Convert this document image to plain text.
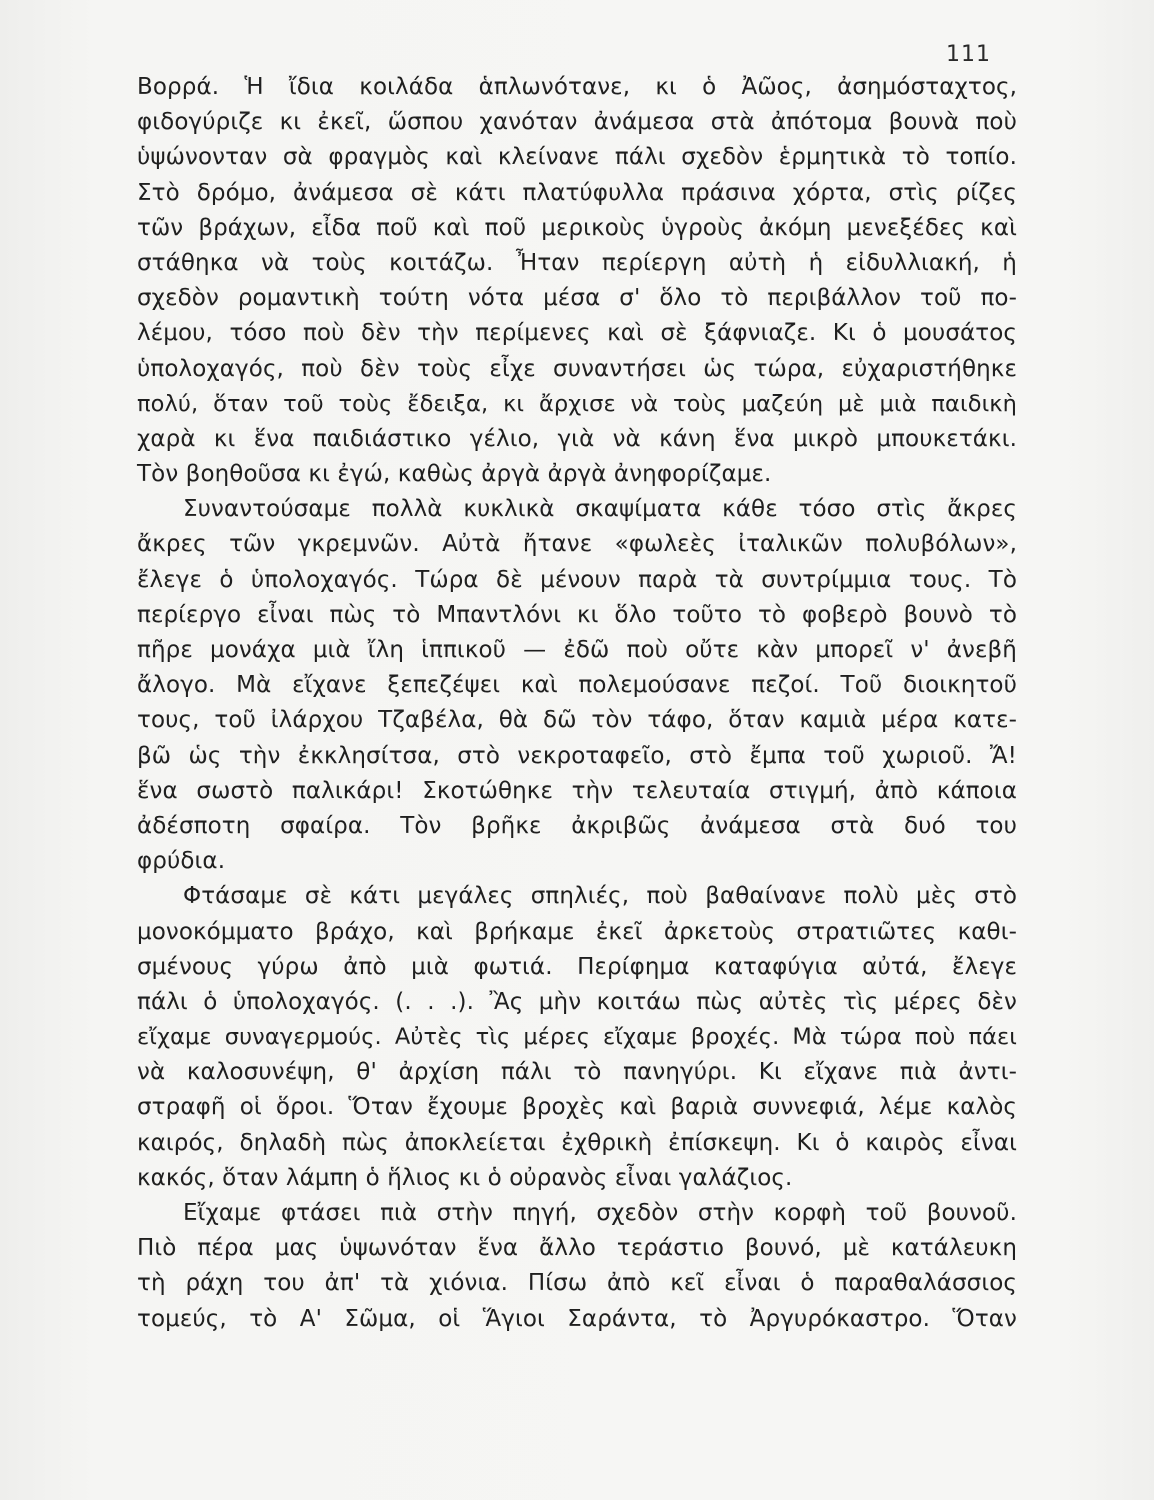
111
Βορρά. Ἡ ἴδια κοιλάδα ἁπλωνότανε, κι ὁ Ἀῶος, ἀσημόσταχτος,
φιδογύριζε κι ἐκεῖ, ὥσπου χανόταν ἀνάμεσα στὰ ἀπότομα βουνὰ ποὺ
ὑψώνονταν σὰ φραγμὸς καὶ κλείνανε πάλι σχεδὸν ἑρμητικὰ τὸ τοπίο.
Στὸ δρόμο, ἀνάμεσα σὲ κάτι πλατύφυλλα πράσινα χόρτα, στὶς ρίζες
τῶν βράχων, εἶδα ποῦ καὶ ποῦ μερικοὺς ὑγροὺς ἀκόμη μενεξέδες καὶ
στάθηκα νὰ τοὺς κοιτάζω. Ἦταν περίεργη αὐτὴ ἡ εἰδυλλιακή, ἡ
σχεδὸν ρομαντικὴ τούτη νότα μέσα σ' ὅλο τὸ περιβάλλον τοῦ πο-
λέμου, τόσο ποὺ δὲν τὴν περίμενες καὶ σὲ ξάφνιαζε. Κι ὁ μουσάτος
ὑπολοχαγός, ποὺ δὲν τοὺς εἶχε συναντήσει ὡς τώρα, εὐχαριστήθηκε
πολύ, ὅταν τοῦ τοὺς ἔδειξα, κι ἄρχισε νὰ τοὺς μαζεύη μὲ μιὰ παιδικὴ
χαρὰ κι ἕνα παιδιάστικο γέλιο, γιὰ νὰ κάνη ἕνα μικρὸ μπουκετάκι.
Τὸν βοηθοῦσα κι ἐγώ, καθὼς ἀργὰ ἀργὰ ἀνηφορίζαμε.
Συναντούσαμε πολλὰ κυκλικὰ σκαψίματα κάθε τόσο στὶς ἄκρες
ἄκρες τῶν γκρεμνῶν. Αὐτὰ ἤτανε «φωλεὲς ἰταλικῶν πολυβόλων»,
ἔλεγε ὁ ὑπολοχαγός. Τώρα δὲ μένουν παρὰ τὰ συντρίμμια τους. Τὸ
περίεργο εἶναι πὼς τὸ Μπαντλόνι κι ὅλο τοῦτο τὸ φοβερὸ βουνὸ τὸ
πῆρε μονάχα μιὰ ἴλη ἱππικοῦ — ἐδῶ ποὺ οὔτε κὰν μπορεῖ ν' ἀνεβῆ
ἄλογο. Μὰ εἴχανε ξεπεζέψει καὶ πολεμούσανε πεζοί. Τοῦ διοικητοῦ
τους, τοῦ ἰλάρχου Τζαβέλα, θὰ δῶ τὸν τάφο, ὅταν καμιὰ μέρα κατε-
βῶ ὡς τὴν ἐκκλησίτσα, στὸ νεκροταφεῖο, στὸ ἔμπα τοῦ χωριοῦ. Ἄ!
ἕνα σωστὸ παλικάρι! Σκοτώθηκε τὴν τελευταία στιγμή, ἀπὸ κάποια
ἀδέσποτη σφαίρα. Τὸν βρῆκε ἀκριβῶς ἀνάμεσα στὰ δυό του
φρύδια.
Φτάσαμε σὲ κάτι μεγάλες σπηλιές, ποὺ βαθαίνανε πολὺ μὲς στὸ
μονοκόμματο βράχο, καὶ βρήκαμε ἐκεῖ ἀρκετοὺς στρατιῶτες καθι-
σμένους γύρω ἀπὸ μιὰ φωτιά. Περίφημα καταφύγια αὐτά, ἔλεγε
πάλι ὁ ὑπολοχαγός. (. . .). Ἂς μὴν κοιτάω πὼς αὐτὲς τὶς μέρες δὲν
εἴχαμε συναγερμούς. Αὐτὲς τὶς μέρες εἴχαμε βροχές. Μὰ τώρα ποὺ πάει
νὰ καλοσυνέψη, θ' ἀρχίση πάλι τὸ πανηγύρι. Κι εἴχανε πιὰ ἀντι-
στραφῆ οἱ ὅροι. Ὅταν ἔχουμε βροχὲς καὶ βαριὰ συννεφιά, λέμε καλὸς
καιρός, δηλαδὴ πὼς ἀποκλείεται ἐχθρικὴ ἐπίσκεψη. Κι ὁ καιρὸς εἶναι
κακός, ὅταν λάμπη ὁ ἥλιος κι ὁ οὐρανὸς εἶναι γαλάζιος.
Εἴχαμε φτάσει πιὰ στὴν πηγή, σχεδὸν στὴν κορφὴ τοῦ βουνοῦ.
Πιὸ πέρα μας ὑψωνόταν ἕνα ἄλλο τεράστιο βουνό, μὲ κατάλευκη
τὴ ράχη του ἀπ' τὰ χιόνια. Πίσω ἀπὸ κεῖ εἶναι ὁ παραθαλάσσιος
τομεύς, τὸ Α' Σῶμα, οἱ Ἅγιοι Σαράντα, τὸ Ἀργυρόκαστρο. Ὅταν
